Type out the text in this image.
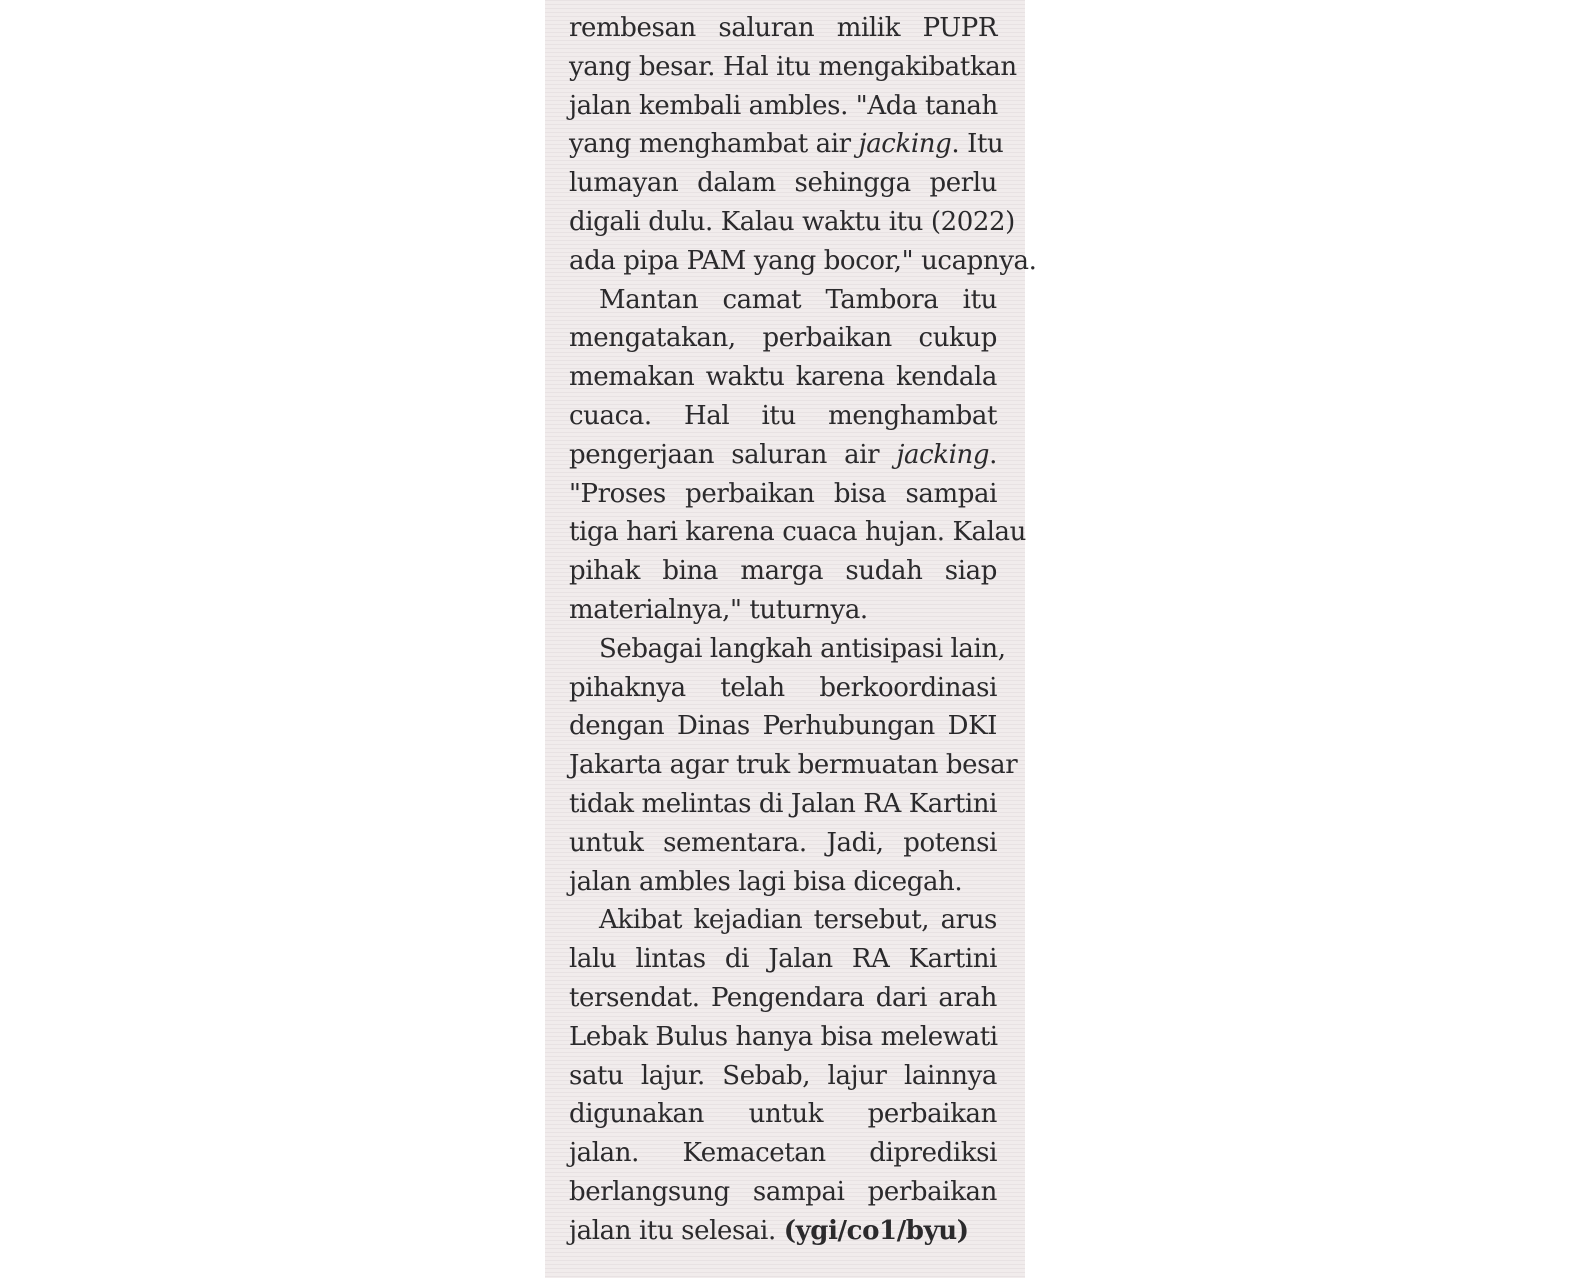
rembesan saluran milik PUPR
yang besar. Hal itu mengakibatkan
jalan kembali ambles. "Ada tanah
yang menghambat air jacking. Itu
lumayan dalam sehingga perlu
digali dulu. Kalau waktu itu (2022)
ada pipa PAM yang bocor," ucapnya.
Mantan camat Tambora itu
mengatakan, perbaikan cukup
memakan waktu karena kendala
cuaca. Hal itu menghambat
pengerjaan saluran air jacking.
"Proses perbaikan bisa sampai
tiga hari karena cuaca hujan. Kalau
pihak bina marga sudah siap
materialnya," tuturnya.
Sebagai langkah antisipasi lain,
pihaknya telah berkoordinasi
dengan Dinas Perhubungan DKI
Jakarta agar truk bermuatan besar
tidak melintas di Jalan RA Kartini
untuk sementara. Jadi, potensi
jalan ambles lagi bisa dicegah.
Akibat kejadian tersebut, arus
lalu lintas di Jalan RA Kartini
tersendat. Pengendara dari arah
Lebak Bulus hanya bisa melewati
satu lajur. Sebab, lajur lainnya
digunakan untuk perbaikan
jalan. Kemacetan diprediksi
berlangsung sampai perbaikan
jalan itu selesai. (ygi/co1/byu)
